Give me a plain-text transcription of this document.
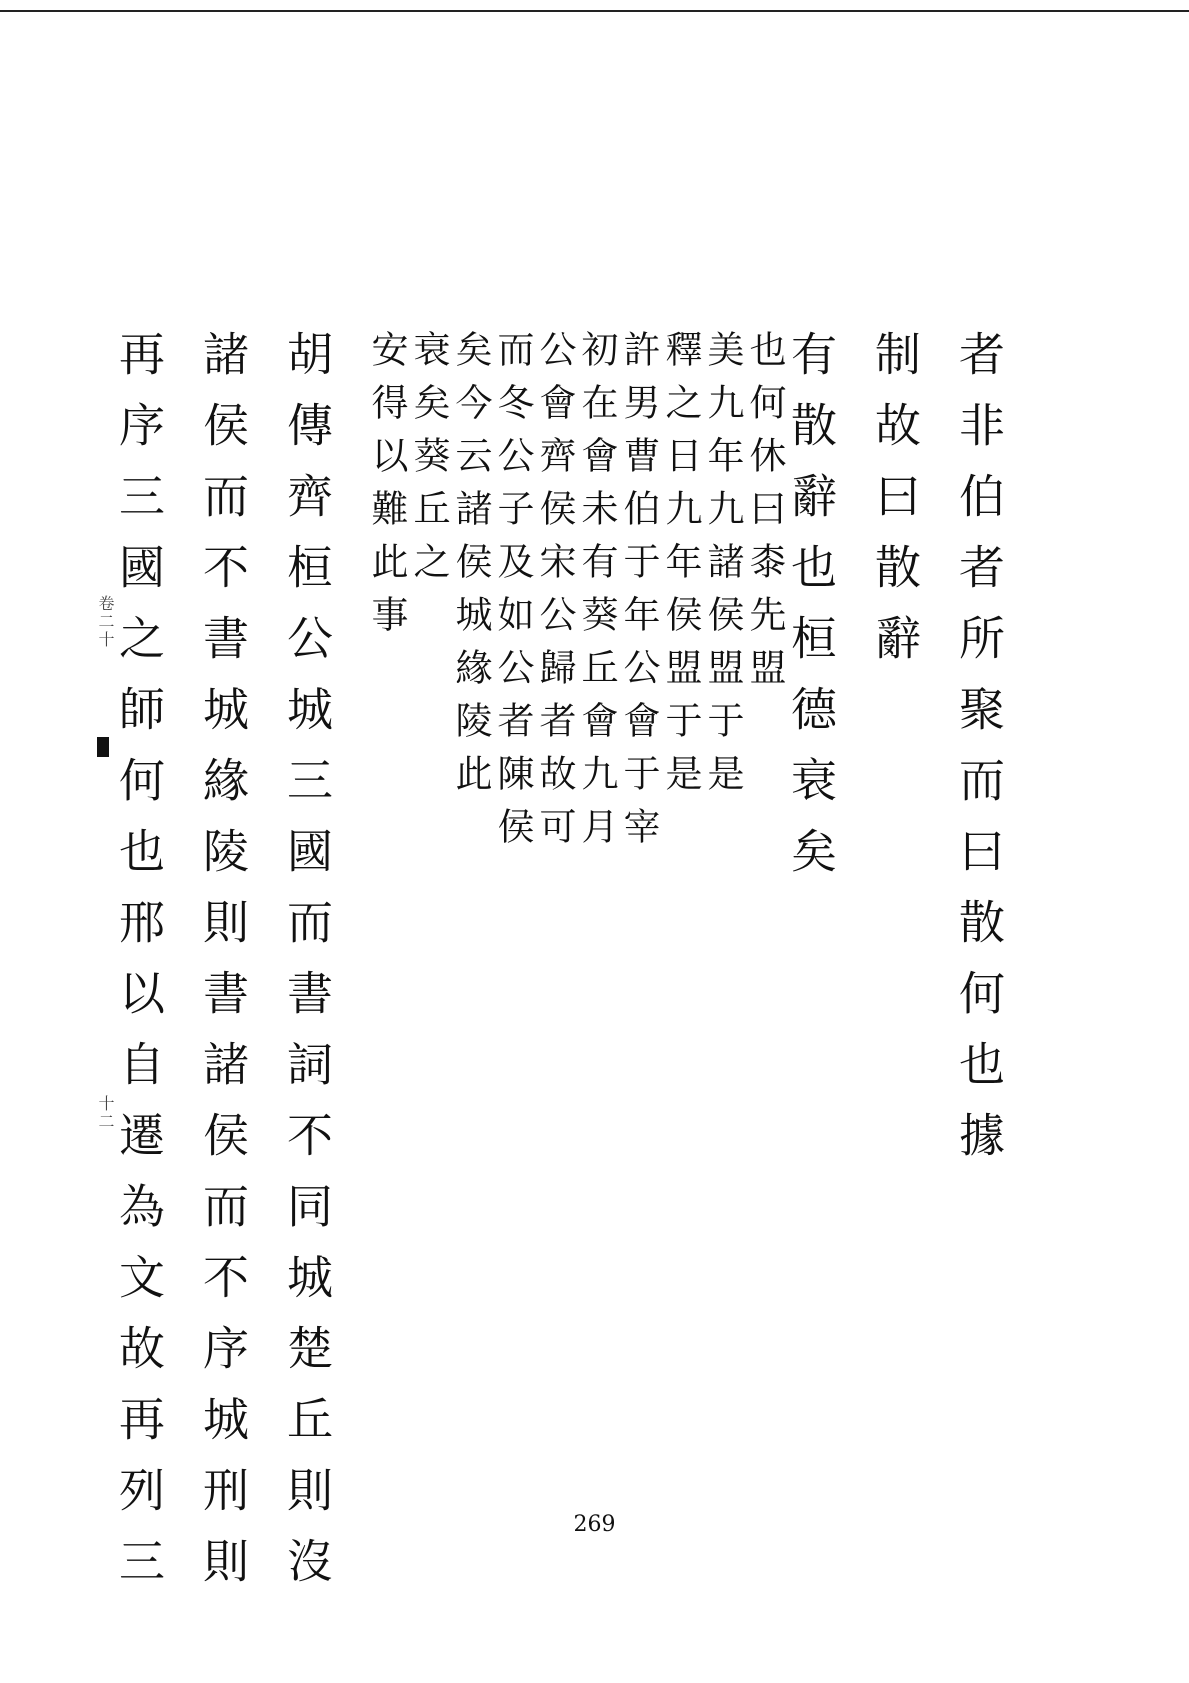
者非伯者所聚而曰散何也據
制故曰散辭
有散辭也桓德衰矣
也何休曰桼先盟
美九年九諸侯盟于是
釋之日九年侯盟于是
許男曹伯于年公會于宰
初在會未有葵丘會九月
公會齊侯宋公歸者故可
而冬公子及如公者陳侯
矣今云諸侯城緣陵此
衰矣葵丘之
安得以難此事
胡傳齊桓公城三國而書詞不同城楚丘則沒
諸侯而不書城緣陵則書諸侯而不序城刑則
再序三國之師何也邢以自遷為文故再列三
卷二十
十二
269
